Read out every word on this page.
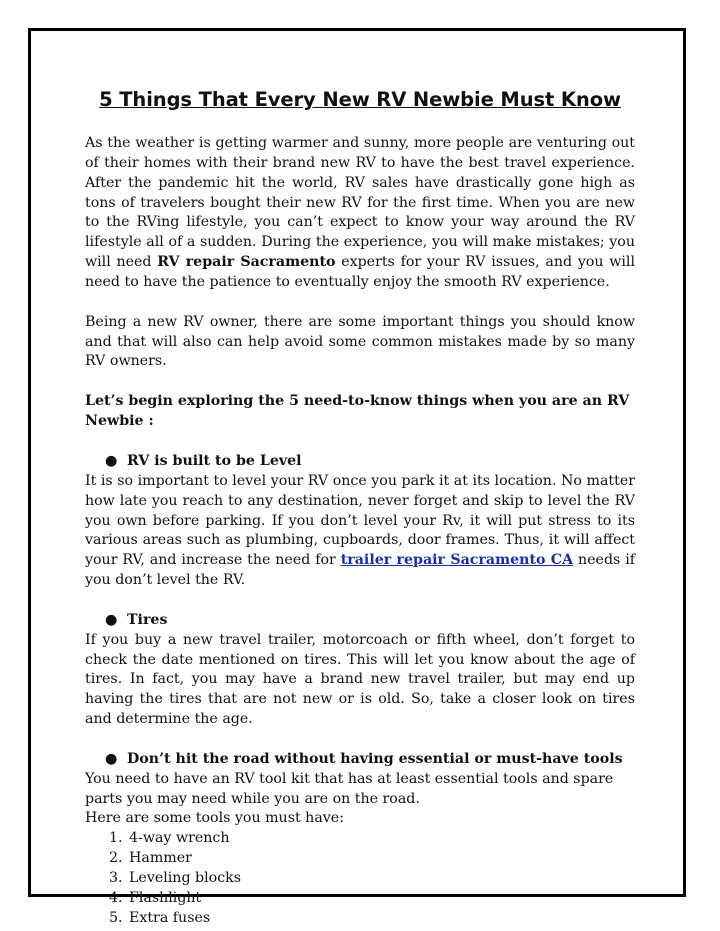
5 Things That Every New RV Newbie Must Know

As the weather is getting warmer and sunny, more people are venturing out of their homes with their brand new RV to have the best travel experience. After the pandemic hit the world, RV sales have drastically gone high as tons of travelers bought their new RV for the first time. When you are new to the RVing lifestyle, you can’t expect to know your way around the RV lifestyle all of a sudden. During the experience, you will make mistakes; you will need RV repair Sacramento experts for your RV issues, and you will need to have the patience to eventually enjoy the smooth RV experience.

Being a new RV owner, there are some important things you should know and that will also can help avoid some common mistakes made by so many RV owners.

Let’s begin exploring the 5 need-to-know things when you are an RV Newbie :

● RV is built to be Level

It is so important to level your RV once you park it at its location. No matter how late you reach to any destination, never forget and skip to level the RV you own before parking. If you don’t level your Rv, it will put stress to its various areas such as plumbing, cupboards, door frames. Thus, it will affect your RV, and increase the need for trailer repair Sacramento CA needs if you don’t level the RV.

● Tires

If you buy a new travel trailer, motorcoach or fifth wheel, don’t forget to check the date mentioned on tires. This will let you know about the age of tires. In fact, you may have a brand new travel trailer, but may end up having the tires that are not new or is old. So, take a closer look on tires and determine the age.

● Don’t hit the road without having essential or must-have tools

You need to have an RV tool kit that has at least essential tools and spare parts you may need while you are on the road.

Here are some tools you must have:

1. 4-way wrench
2. Hammer
3. Leveling blocks
4. Flashlight
5. Extra fuses
